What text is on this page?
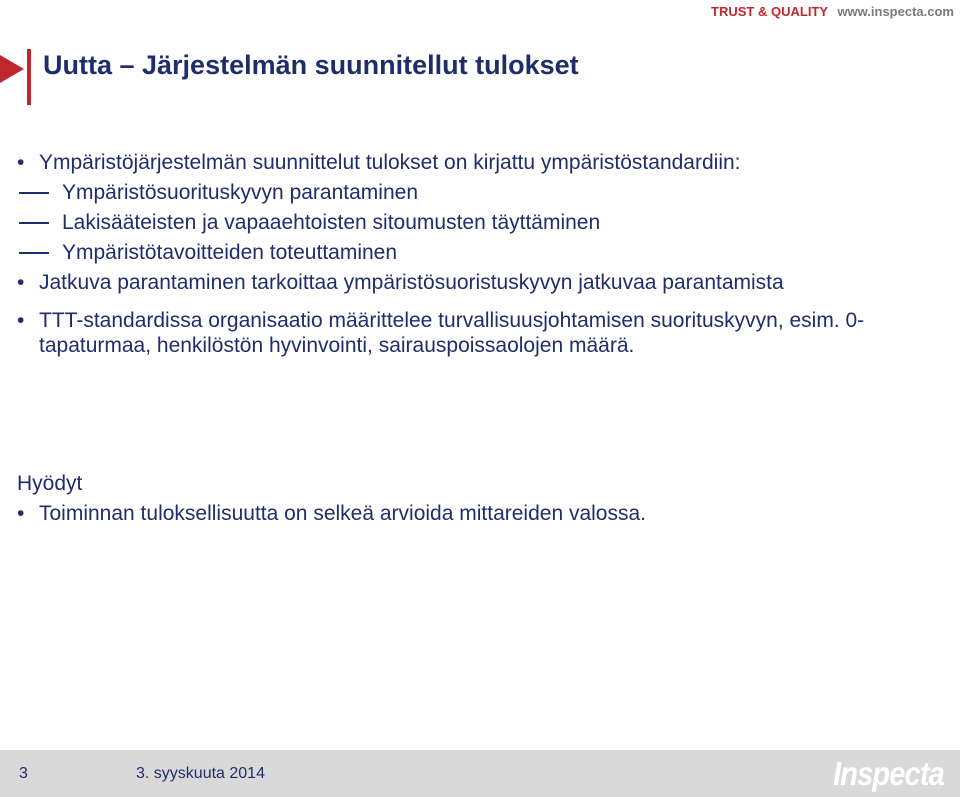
TRUST & QUALITY www.inspecta.com
Uutta – Järjestelmän suunnitellut tulokset
• Ympäristöjärjestelmän suunnittelut tulokset on kirjattu ympäristöstandardiin:
Ympäristösuorituskyvyn parantaminen
Lakisääteisten ja vapaaehtoisten sitoumusten täyttäminen
Ympäristötavoitteiden toteuttaminen
• Jatkuva parantaminen tarkoittaa ympäristösuoristuskyvyn jatkuvaa parantamista
• TTT-standardissa organisaatio määrittelee turvallisuusjohtamisen suorituskyvyn, esim. 0-tapaturmaa, henkilöstön hyvinvointi, sairauspoissaolojen määrä.
Hyödyt
• Toiminnan tuloksellisuutta on selkeä arvioida mittareiden valossa.
3	3. syyskuuta 2014	Inspecta
